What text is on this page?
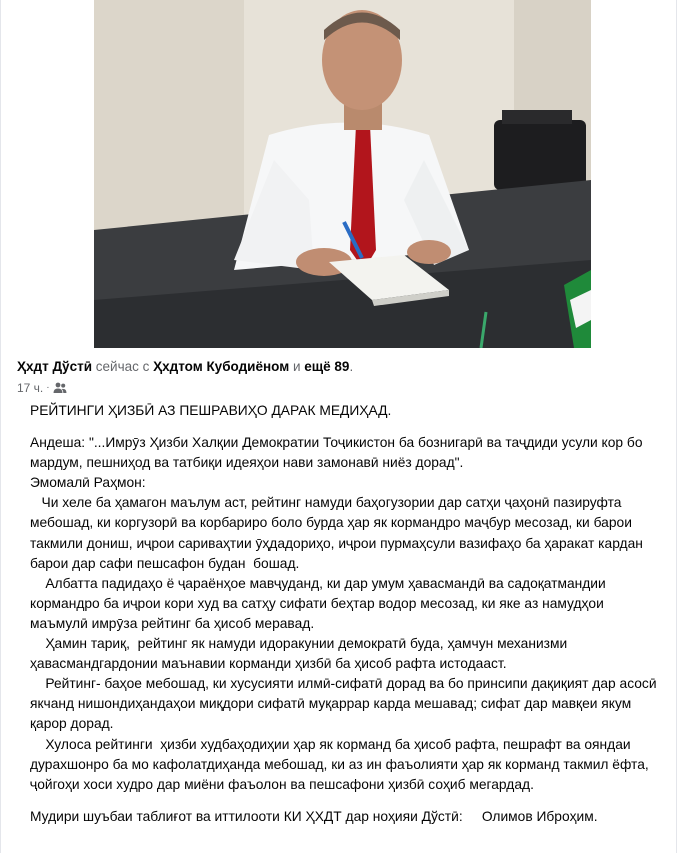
Ҳхдт Дўстӣ сейчас с Ҳхдтом Кубодиёном и ещё 89.
17 ч. ·

РЕЙТИНГИ ҲИЗБӢ АЗ ПЕШРАВИҲО ДАРАК МЕДИҲАД.

Андеша: "...Имрӯз Ҳизби Халқии Демократии Тоҷикистон ба бознигарӣ ва таҷдиди усули кор бо мардум, пешниҳод ва татбиқи идеяҳои нави замонавӣ ниёз дорад".

Эмомалӣ Раҳмон:

Чи хеле ба ҳамагон маълум аст, рейтинг намуди баҳогузории дар сатҳи ҷаҳонӣ пазируфта мебошад, ки коргузорӣ ва корбариро боло бурда ҳар як кормандро маҷбур месозад, ки барои такмили дониш, иҷрои сариваҳтии ӯҳдадориҳо, иҷрои пурмаҳсули вазифаҳо ба ҳаракат кардан барои дар сафи пешсафон будан  бошад.

Албатта падидаҳо ё ҷараёнҳое мавҷуданд, ки дар умум ҳавасмандӣ ва садоқатмандии кормандро ба иҷрои кори худ ва сатҳу сифати беҳтар водор месозад, ки яке аз намудҳои маъмулӣ имрӯза рейтинг ба ҳисоб меравад.

Ҳамин тариқ,  рейтинг як намуди идоракунии демократӣ буда, ҳамчун механизми ҳавасмандгардонии маънавии корманди ҳизбӣ ба ҳисоб рафта истодааст.

Рейтинг- баҳое мебошад, ки хусусияти илмӣ-сифатӣ дорад ва бо принсипи дақиқият дар асосӣ якчанд нишондиҳандаҳои миқдори сифатӣ муқаррар карда мешавад; сифат дар мавқеи якум қарор дорад.

Хулоса рейтинги  ҳизби худбаҳодиҳии ҳар як корманд ба ҳисоб рафта, пешрафт ва ояндаи дурахшонро ба мо кафолатдиҳанда мебошад, ки аз ин фаъолияти ҳар як корманд такмил ёфта, ҷойгоҳи хоси худро дар миёни фаъолон ва пешсафони ҳизбӣ соҳиб мегардад.

Мудири шуъбаи таблиғот ва иттилооти КИ ҲХДТ дар ноҳияи Дўстӣ:     Олимов Иброҳим.
